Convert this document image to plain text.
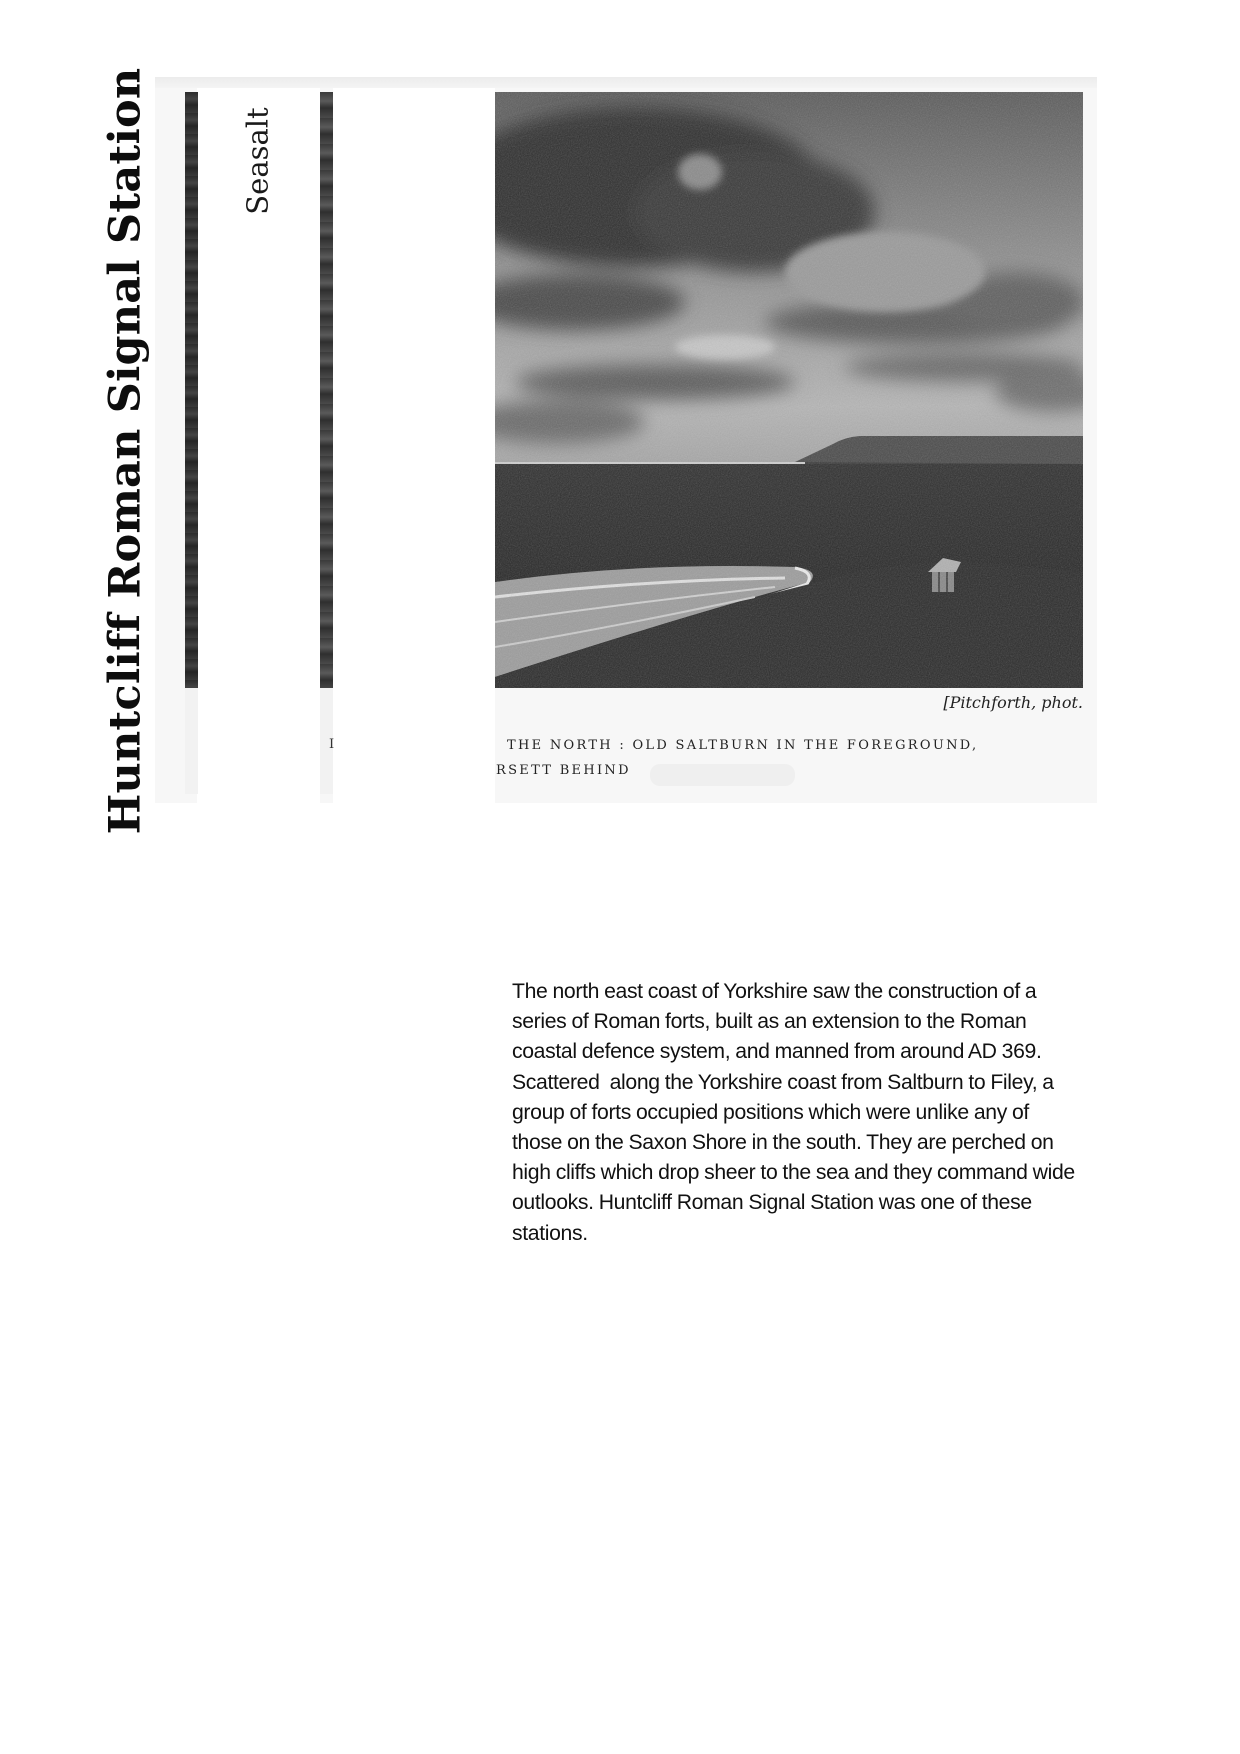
Huntcliff Roman Signal Station	Seasalt
[Pitchforth, phot.
THE NORTH : OLD SALTBURN IN THE FOREGROUND,
RSETT BEHIND
I
The north east coast of Yorkshire saw the construction of a
series of Roman forts, built as an extension to the Roman
coastal defence system, and manned from around AD 369.
Scattered  along the Yorkshire coast from Saltburn to Filey, a
group of forts occupied positions which were unlike any of
those on the Saxon Shore in the south. They are perched on
high cliffs which drop sheer to the sea and they command wide
outlooks. Huntcliff Roman Signal Station was one of these
stations.
